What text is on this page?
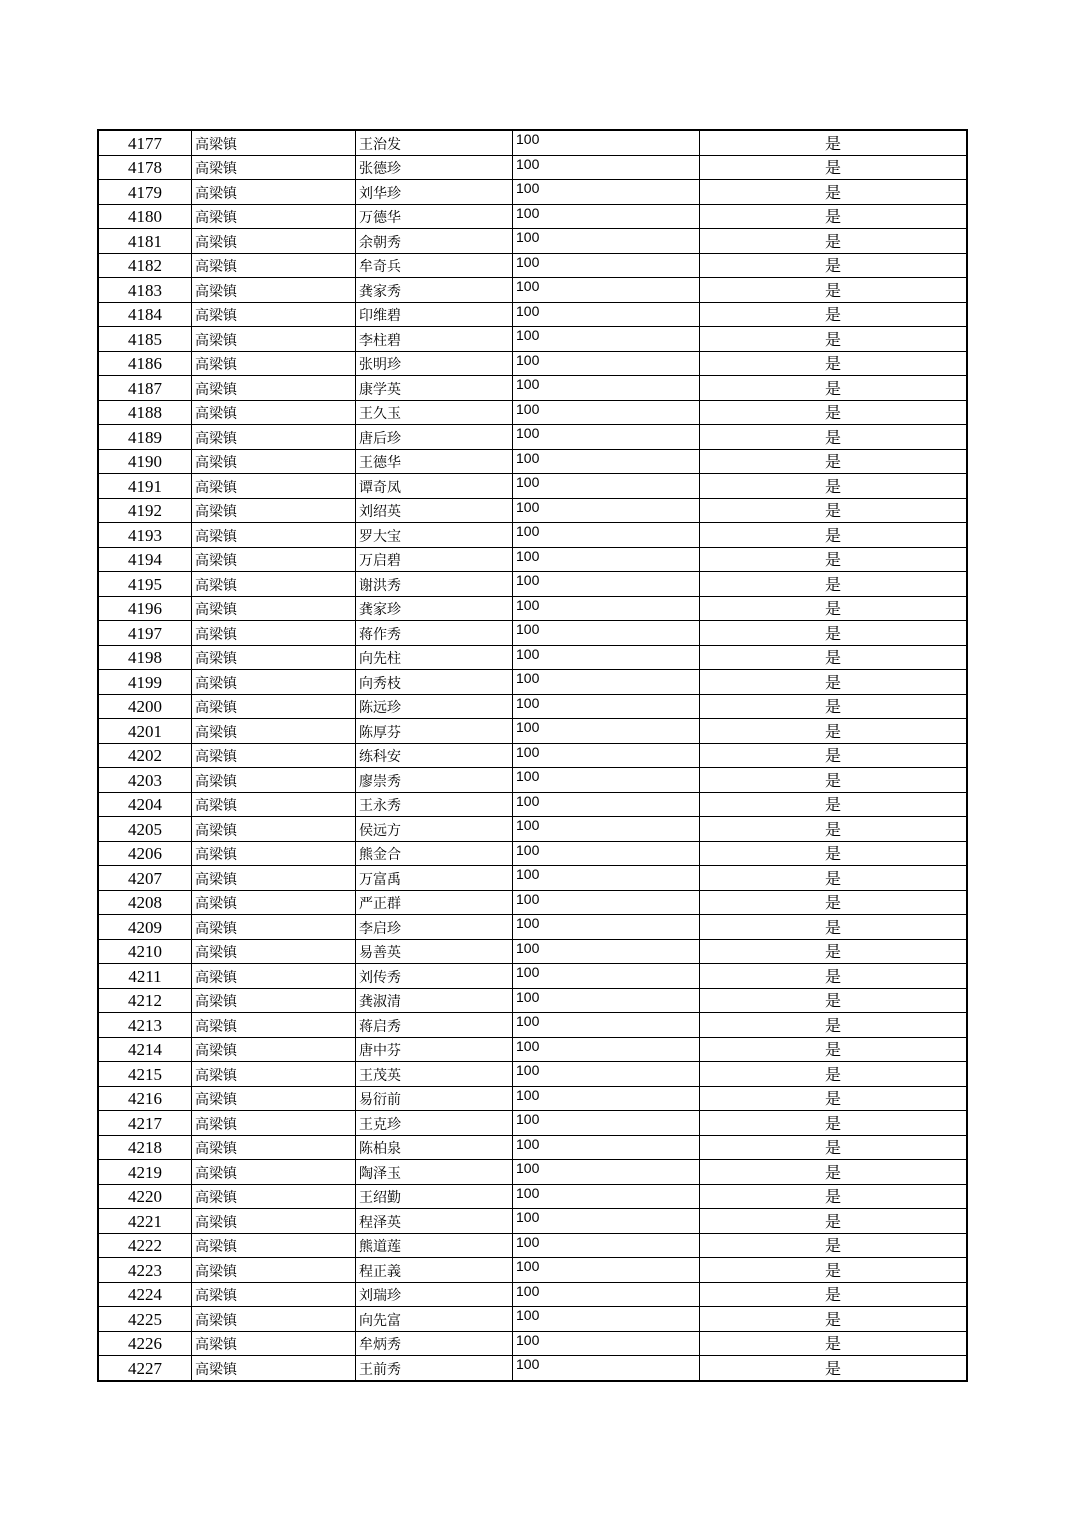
4177	高梁镇	王治发	100	是
4178	高梁镇	张德珍	100	是
4179	高梁镇	刘华珍	100	是
4180	高梁镇	万德华	100	是
4181	高梁镇	余朝秀	100	是
4182	高梁镇	牟奇兵	100	是
4183	高梁镇	龚家秀	100	是
4184	高梁镇	印维碧	100	是
4185	高梁镇	李柱碧	100	是
4186	高梁镇	张明珍	100	是
4187	高梁镇	康学英	100	是
4188	高梁镇	王久玉	100	是
4189	高梁镇	唐后珍	100	是
4190	高梁镇	王德华	100	是
4191	高梁镇	谭奇凤	100	是
4192	高梁镇	刘绍英	100	是
4193	高梁镇	罗大宝	100	是
4194	高梁镇	万启碧	100	是
4195	高梁镇	谢洪秀	100	是
4196	高梁镇	龚家珍	100	是
4197	高梁镇	蒋作秀	100	是
4198	高梁镇	向先柱	100	是
4199	高梁镇	向秀枝	100	是
4200	高梁镇	陈远珍	100	是
4201	高梁镇	陈厚芬	100	是
4202	高梁镇	练科安	100	是
4203	高梁镇	廖崇秀	100	是
4204	高梁镇	王永秀	100	是
4205	高梁镇	侯远方	100	是
4206	高梁镇	熊金合	100	是
4207	高梁镇	万富禹	100	是
4208	高梁镇	严正群	100	是
4209	高梁镇	李启珍	100	是
4210	高梁镇	易善英	100	是
4211	高梁镇	刘传秀	100	是
4212	高梁镇	龚淑清	100	是
4213	高梁镇	蒋启秀	100	是
4214	高梁镇	唐中芬	100	是
4215	高梁镇	王茂英	100	是
4216	高梁镇	易衍前	100	是
4217	高梁镇	王克珍	100	是
4218	高梁镇	陈柏泉	100	是
4219	高梁镇	陶泽玉	100	是
4220	高梁镇	王绍勤	100	是
4221	高梁镇	程泽英	100	是
4222	高梁镇	熊道莲	100	是
4223	高梁镇	程正義	100	是
4224	高梁镇	刘瑞珍	100	是
4225	高梁镇	向先富	100	是
4226	高梁镇	牟炳秀	100	是
4227	高梁镇	王前秀	100	是
